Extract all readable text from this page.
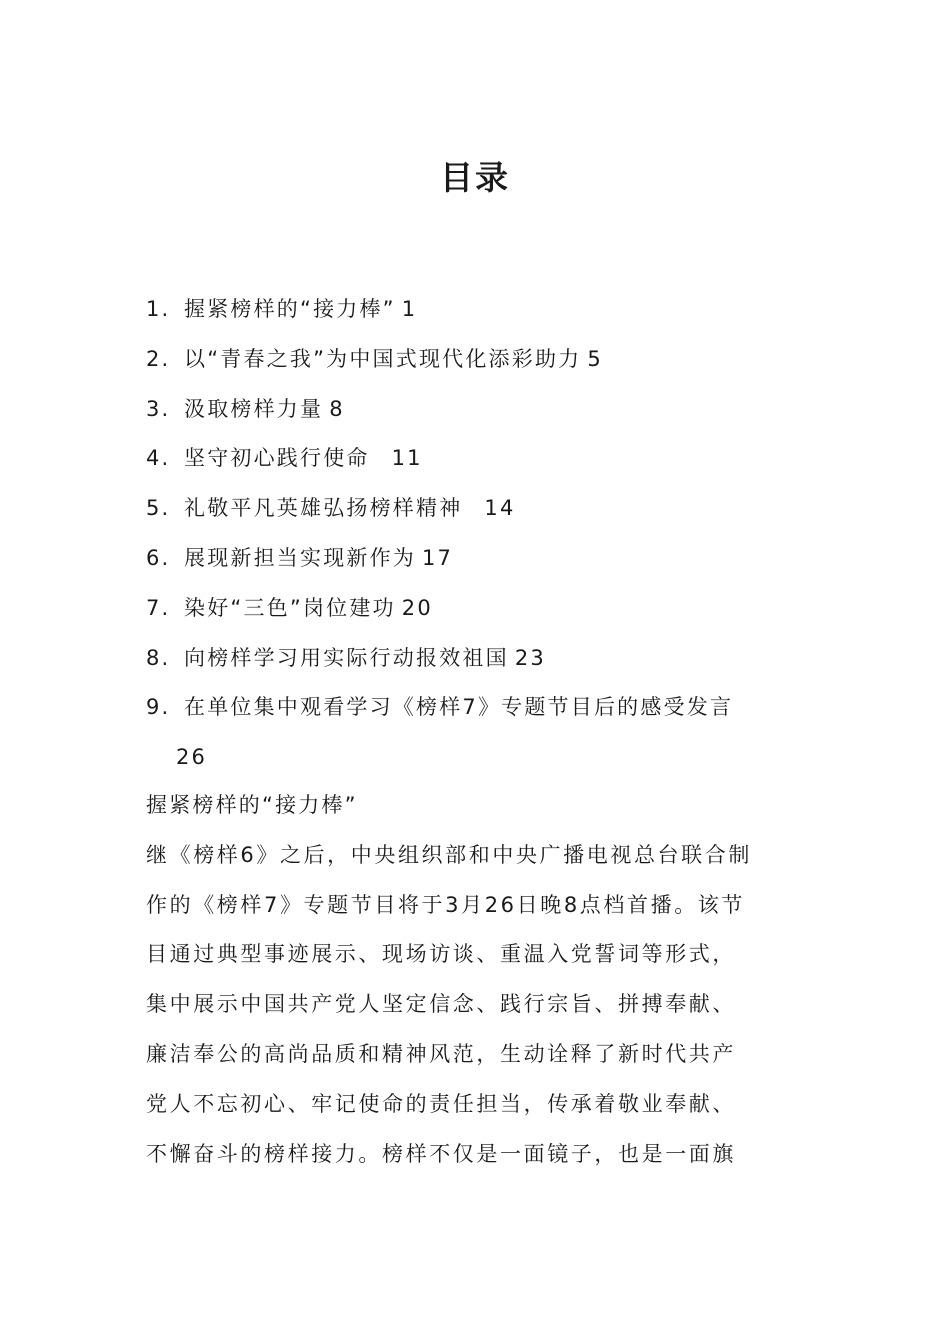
目录
1. 握紧榜样的“接力棒” 1
2. 以“青春之我”为中国式现代化添彩助力 5
3. 汲取榜样力量 8
4. 坚守初心践行使命 11
5. 礼敬平凡英雄弘扬榜样精神 14
6. 展现新担当实现新作为 17
7. 染好“三色”岗位建功 20
8. 向榜样学习用实际行动报效祖国 23
9. 在单位集中观看学习《榜样7》专题节目后的感受发言
26
握紧榜样的“接力棒”

继《榜样6》之后，中央组织部和中央广播电视总台联合制

作的《榜样7》专题节目将于3月26日晚8点档首播。该节

目通过典型事迹展示、现场访谈、重温入党誓词等形式，

集中展示中国共产党人坚定信念、践行宗旨、拼搏奉献、

廉洁奉公的高尚品质和精神风范，生动诠释了新时代共产

党人不忘初心、牢记使命的责任担当，传承着敬业奉献、

不懈奋斗的榜样接力。榜样不仅是一面镜子，也是一面旗
